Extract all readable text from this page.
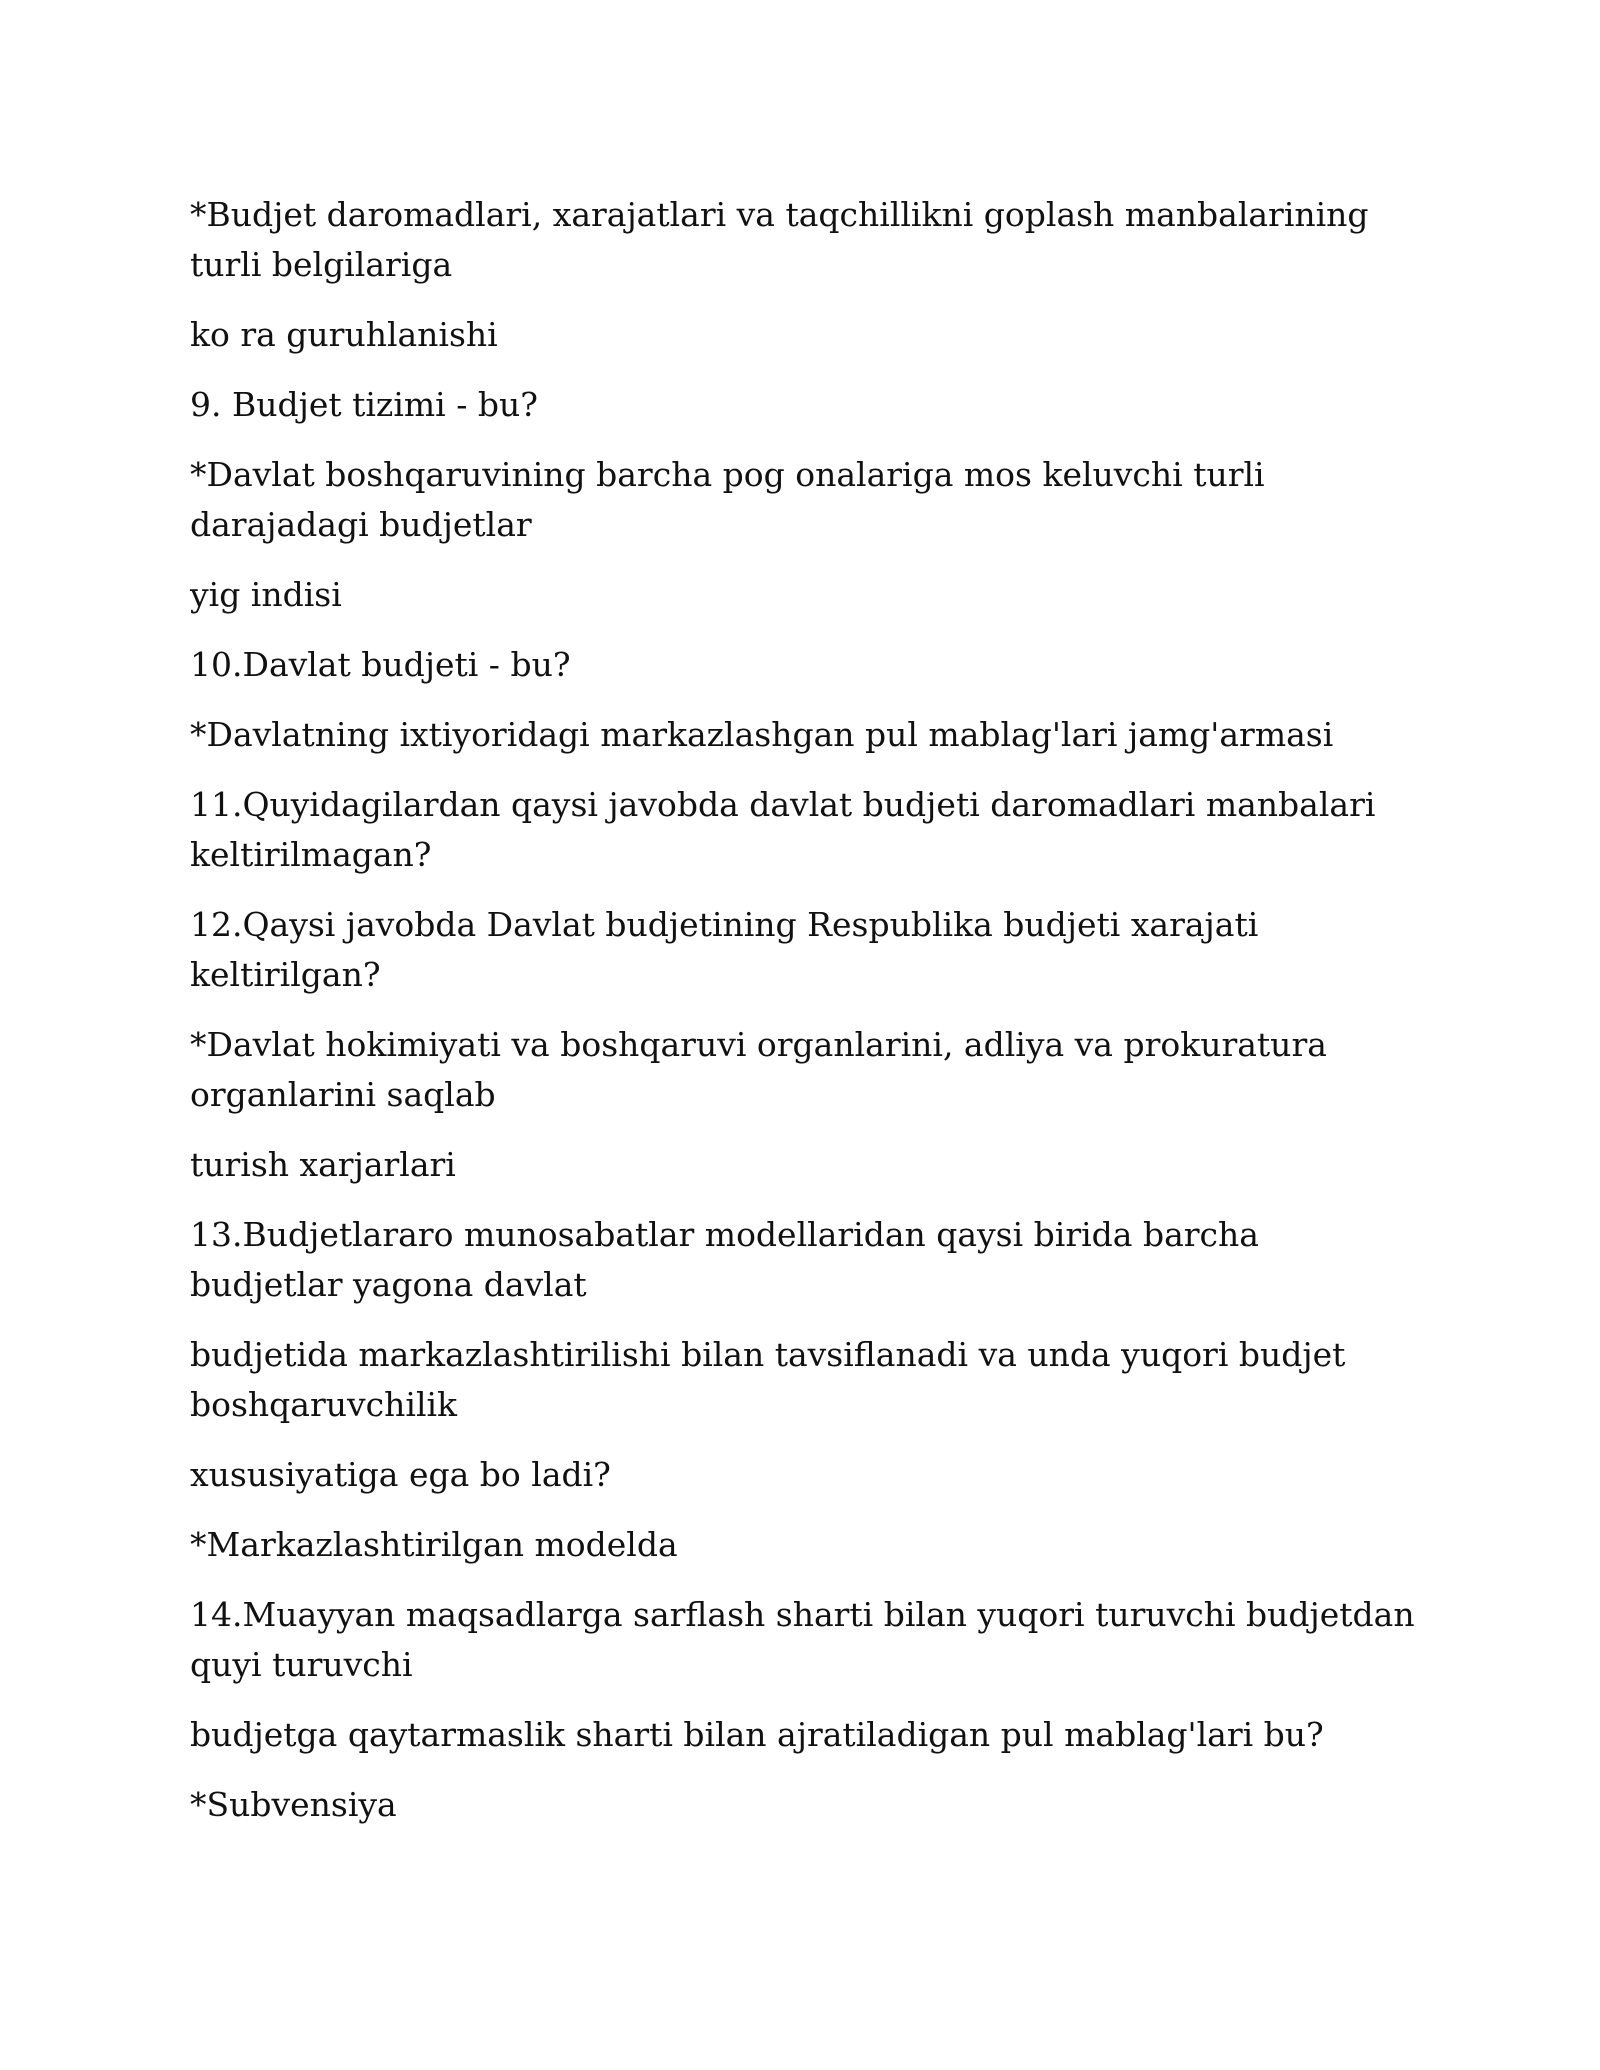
*Budjet daromadlari, xarajatlari va taqchillikni goplash manbalarining turli belgilariga

ko ra guruhlanishi

9. Budjet tizimi - bu?

*Davlat boshqaruvining barcha pog onalariga mos keluvchi turli darajadagi budjetlar

yig indisi

10.Davlat budjeti - bu?

*Davlatning ixtiyoridagi markazlashgan pul mablag'lari jamg'armasi

11.Quyidagilardan qaysi javobda davlat budjeti daromadlari manbalari keltirilmagan?

12.Qaysi javobda Davlat budjetining Respublika budjeti xarajati keltirilgan?

*Davlat hokimiyati va boshqaruvi organlarini, adliya va prokuratura organlarini saqlab

turish xarjarlari

13.Budjetlararo munosabatlar modellaridan qaysi birida barcha budjetlar yagona davlat

budjetida markazlashtirilishi bilan tavsiflanadi va unda yuqori budjet boshqaruvchilik

xususiyatiga ega bo ladi?

*Markazlashtirilgan modelda

14.Muayyan maqsadlarga sarflash sharti bilan yuqori turuvchi budjetdan quyi turuvchi

budjetga qaytarmaslik sharti bilan ajratiladigan pul mablag'lari bu?

*Subvensiya
